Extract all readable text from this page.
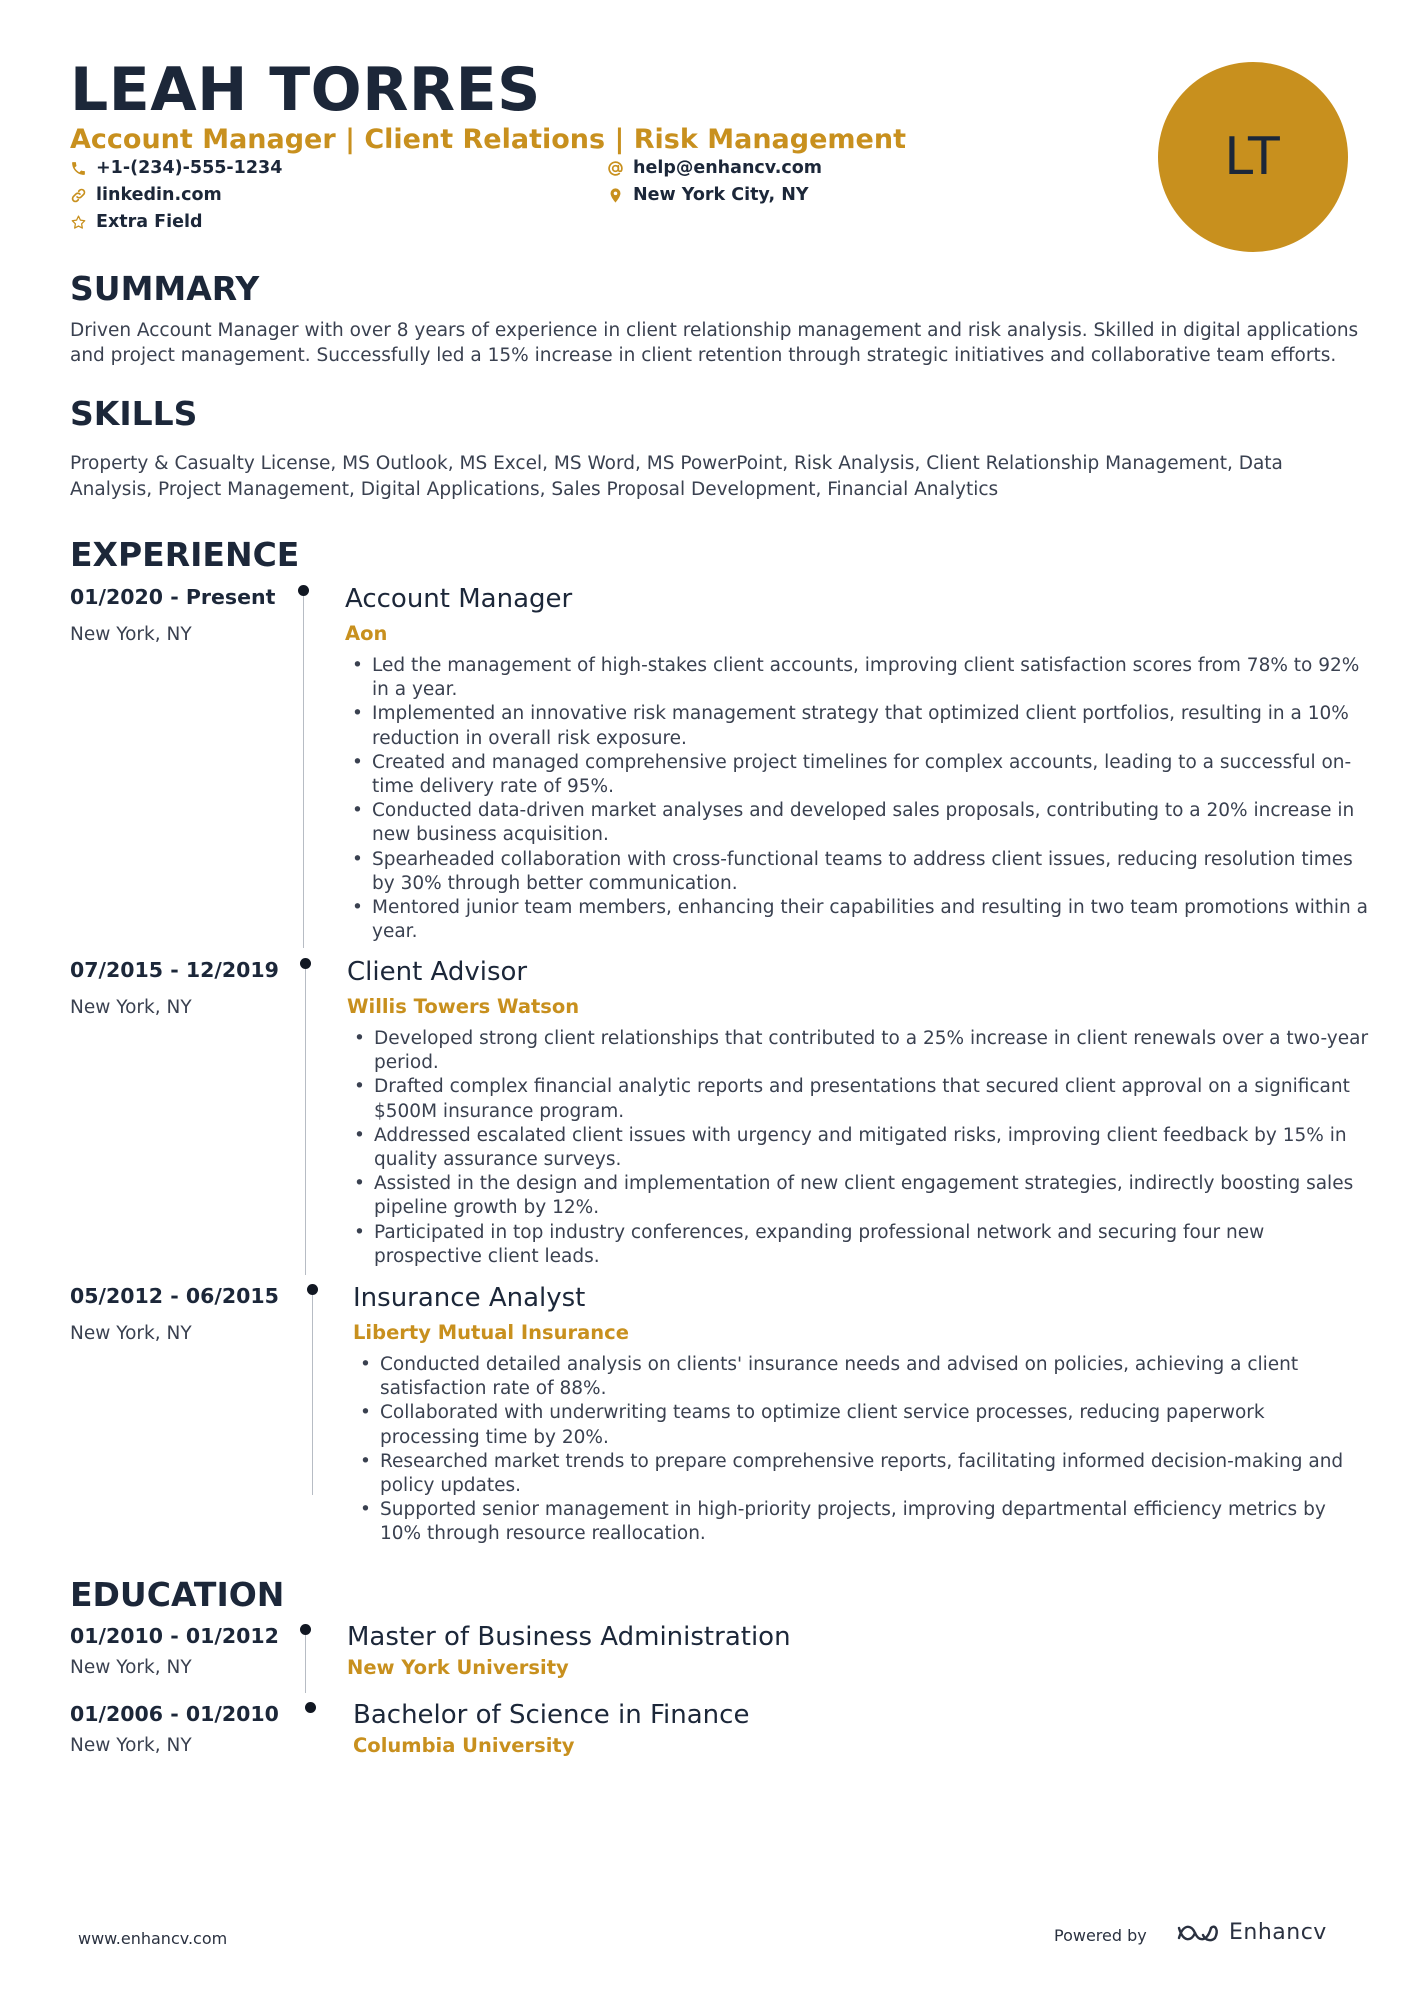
LEAH TORRES
Account Manager | Client Relations | Risk Management
+1-(234)-555-1234	help@enhancv.com
linkedin.com	New York City, NY
Extra Field
LT
SUMMARY
Driven Account Manager with over 8 years of experience in client relationship management and risk analysis. Skilled in digital applications and project management. Successfully led a 15% increase in client retention through strategic initiatives and collaborative team efforts.
SKILLS
Property & Casualty License, MS Outlook, MS Excel, MS Word, MS PowerPoint, Risk Analysis, Client Relationship Management, Data Analysis, Project Management, Digital Applications, Sales Proposal Development, Financial Analytics
EXPERIENCE
01/2020 - Present
New York, NY
Account Manager
Aon
• Led the management of high-stakes client accounts, improving client satisfaction scores from 78% to 92% in a year.
• Implemented an innovative risk management strategy that optimized client portfolios, resulting in a 10% reduction in overall risk exposure.
• Created and managed comprehensive project timelines for complex accounts, leading to a successful on-time delivery rate of 95%.
• Conducted data-driven market analyses and developed sales proposals, contributing to a 20% increase in new business acquisition.
• Spearheaded collaboration with cross-functional teams to address client issues, reducing resolution times by 30% through better communication.
• Mentored junior team members, enhancing their capabilities and resulting in two team promotions within a year.
07/2015 - 12/2019
New York, NY
Client Advisor
Willis Towers Watson
• Developed strong client relationships that contributed to a 25% increase in client renewals over a two-year period.
• Drafted complex financial analytic reports and presentations that secured client approval on a significant $500M insurance program.
• Addressed escalated client issues with urgency and mitigated risks, improving client feedback by 15% in quality assurance surveys.
• Assisted in the design and implementation of new client engagement strategies, indirectly boosting sales pipeline growth by 12%.
• Participated in top industry conferences, expanding professional network and securing four new prospective client leads.
05/2012 - 06/2015
New York, NY
Insurance Analyst
Liberty Mutual Insurance
• Conducted detailed analysis on clients' insurance needs and advised on policies, achieving a client satisfaction rate of 88%.
• Collaborated with underwriting teams to optimize client service processes, reducing paperwork processing time by 20%.
• Researched market trends to prepare comprehensive reports, facilitating informed decision-making and policy updates.
• Supported senior management in high-priority projects, improving departmental efficiency metrics by 10% through resource reallocation.
EDUCATION
01/2010 - 01/2012
New York, NY
Master of Business Administration
New York University
01/2006 - 01/2010
New York, NY
Bachelor of Science in Finance
Columbia University
www.enhancv.com	Powered by	Enhancv
